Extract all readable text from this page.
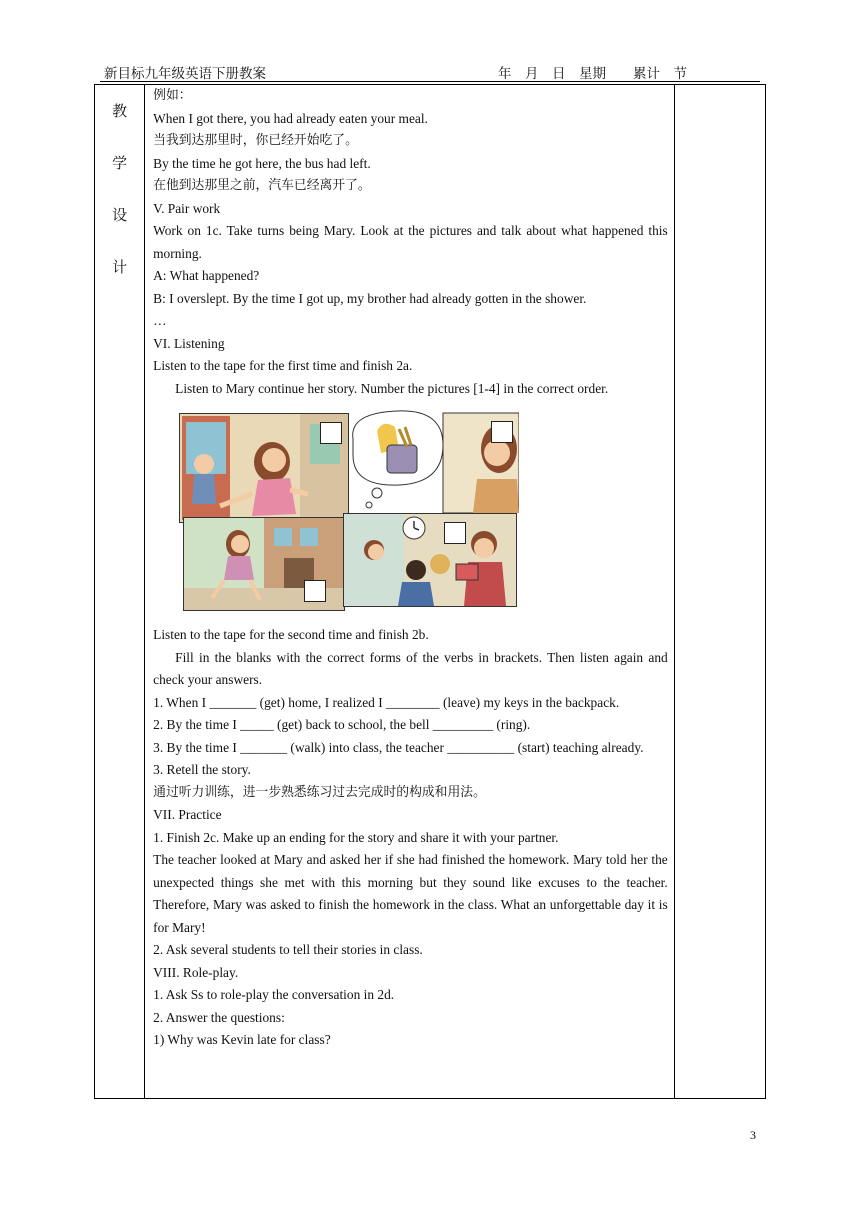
新目标九年级英语下册教案	年    月    日    星期        累计    节
教
学
设
计

例如：

When I got there, you had already eaten your meal.

当我到达那里时，你已经开始吃了。

By the time he got here, the bus had left.

在他到达那里之前，汽车已经离开了。

V. Pair work

Work on 1c. Take turns being Mary. Look at the pictures and talk about what happened this morning.

A: What happened?

B: I overslept. By the time I got up, my brother had already gotten in the shower.

…

VI. Listening

Listen to the tape for the first time and finish 2a.

Listen to Mary continue her story. Number the pictures [1-4] in the correct order.

Listen to the tape for the second time and finish 2b.

Fill in the blanks with the correct forms of the verbs in brackets. Then listen again and check your answers.

1. When I _______ (get) home, I realized I ________ (leave) my keys in the backpack.

2. By the time I _____ (get) back to school, the bell _________ (ring).

3. By the time I _______ (walk) into class, the teacher __________ (start) teaching already.

3. Retell the story.

通过听力训练，进一步熟悉练习过去完成时的构成和用法。

VII. Practice

1. Finish 2c. Make up an ending for the story and share it with your partner.

The teacher looked at Mary and asked her if she had finished the homework. Mary told her the unexpected things she met with this morning but they sound like excuses to the teacher. Therefore, Mary was asked to finish the homework in the class. What an unforgettable day it is for Mary!

2. Ask several students to tell their stories in class.

VIII. Role-play.

1. Ask Ss to role-play the conversation in 2d.

2. Answer the questions:

1) Why was Kevin late for class?

3
